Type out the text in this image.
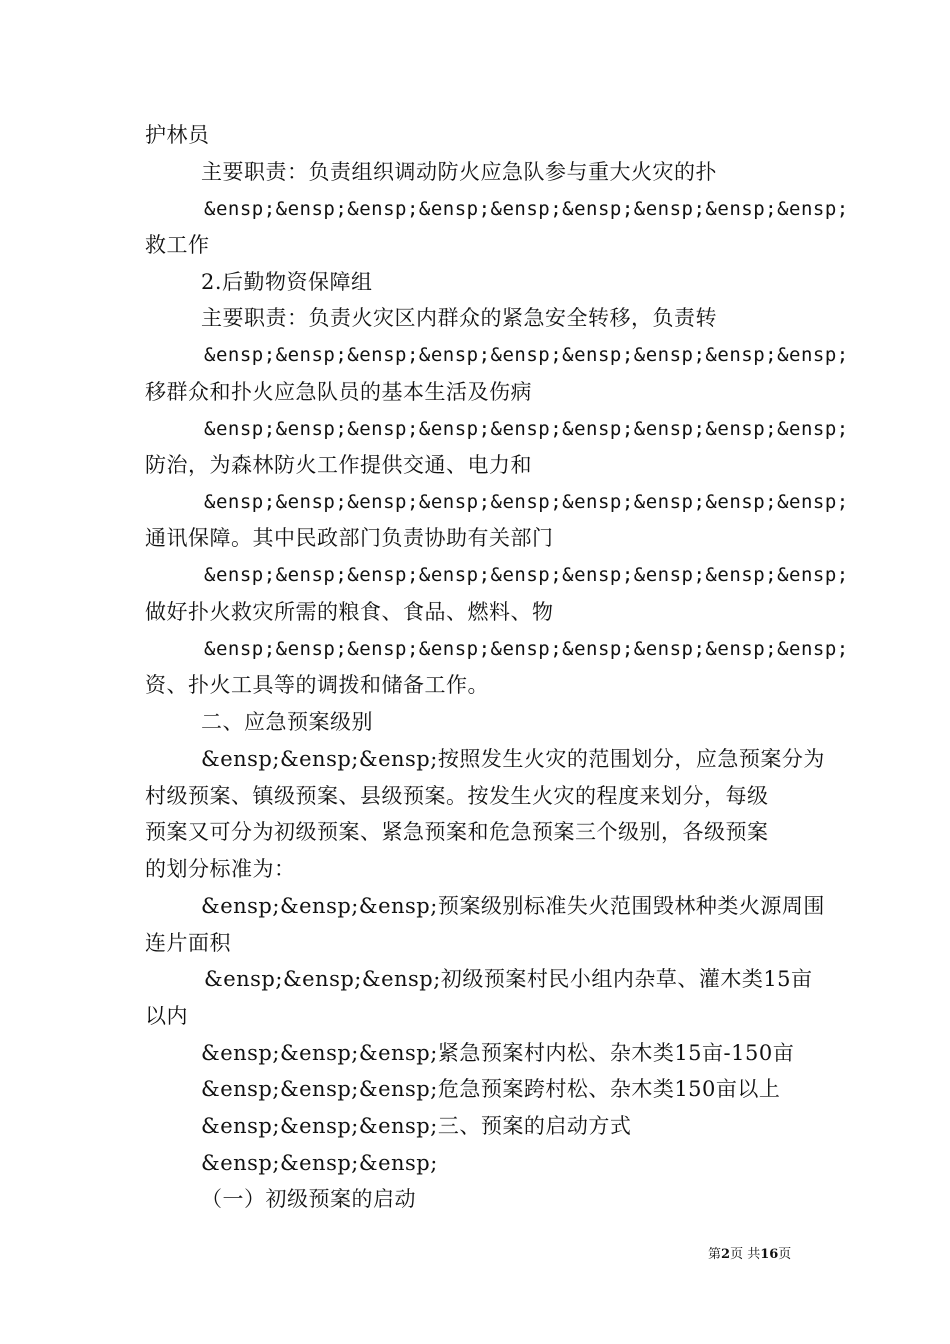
护林员
主要职责：负责组织调动防火应急队参与重大火灾的扑
&ensp;&ensp;&ensp;&ensp;&ensp;&ensp;&ensp;&ensp;&ensp;
救工作
2.后勤物资保障组
主要职责：负责火灾区内群众的紧急安全转移，负责转
&ensp;&ensp;&ensp;&ensp;&ensp;&ensp;&ensp;&ensp;&ensp;
移群众和扑火应急队员的基本生活及伤病
&ensp;&ensp;&ensp;&ensp;&ensp;&ensp;&ensp;&ensp;&ensp;
防治，为森林防火工作提供交通、电力和
&ensp;&ensp;&ensp;&ensp;&ensp;&ensp;&ensp;&ensp;&ensp;
通讯保障。其中民政部门负责协助有关部门
&ensp;&ensp;&ensp;&ensp;&ensp;&ensp;&ensp;&ensp;&ensp;
做好扑火救灾所需的粮食、食品、燃料、物
&ensp;&ensp;&ensp;&ensp;&ensp;&ensp;&ensp;&ensp;&ensp;
资、扑火工具等的调拨和储备工作。
二、应急预案级别
&ensp;&ensp;&ensp;按照发生火灾的范围划分，应急预案分为
村级预案、镇级预案、县级预案。按发生火灾的程度来划分，每级
预案又可分为初级预案、紧急预案和危急预案三个级别，各级预案
的划分标准为：
&ensp;&ensp;&ensp;预案级别标准失火范围毁林种类火源周围
连片面积
&ensp;&ensp;&ensp;初级预案村民小组内杂草、灌木类15亩
以内
&ensp;&ensp;&ensp;紧急预案村内松、杂木类15亩-150亩
&ensp;&ensp;&ensp;危急预案跨村松、杂木类150亩以上
&ensp;&ensp;&ensp;三、预案的启动方式
&ensp;&ensp;&ensp;
（一）初级预案的启动
第2页 共16页
